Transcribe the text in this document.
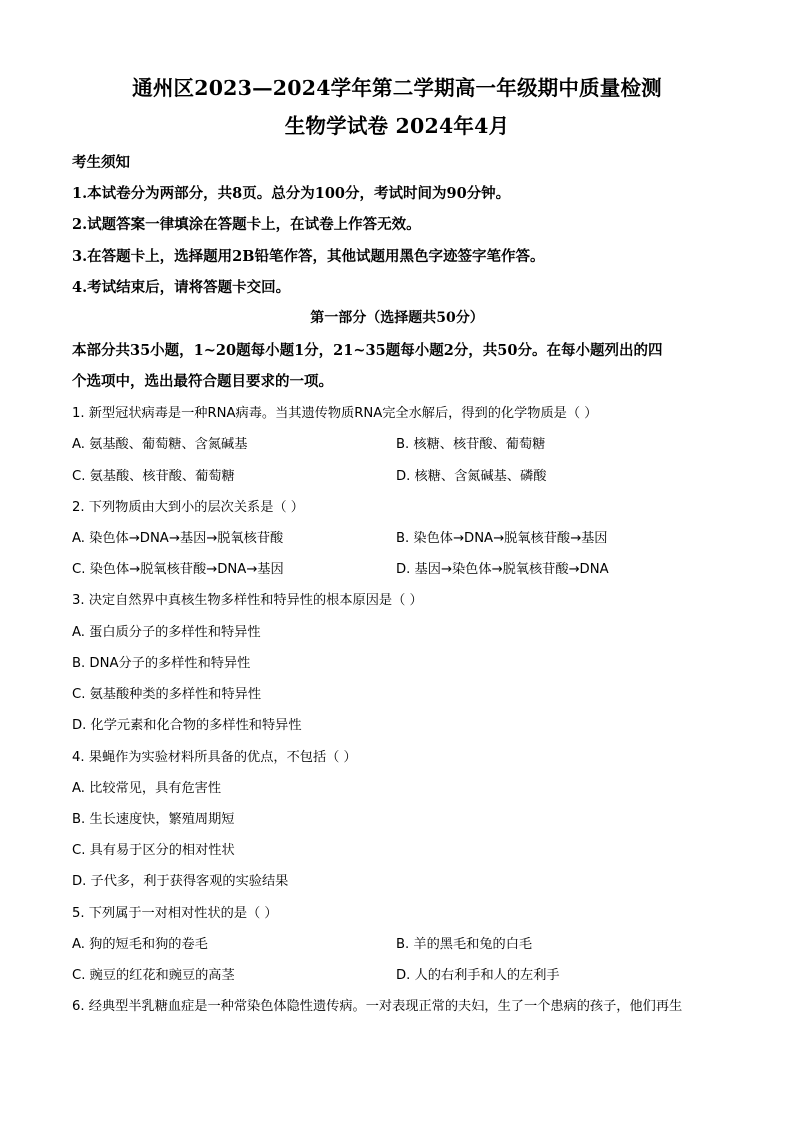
通州区2023—2024学年第二学期高一年级期中质量检测
生物学试卷 2024年4月
考生须知
1.本试卷分为两部分，共8页。总分为100分，考试时间为90分钟。
2.试题答案一律填涂在答题卡上，在试卷上作答无效。
3.在答题卡上，选择题用2B铅笔作答，其他试题用黑色字迹签字笔作答。
4.考试结束后，请将答题卡交回。
第一部分（选择题共50分）
本部分共35小题，1~20题每小题1分，21~35题每小题2分，共50分。在每小题列出的四
个选项中，选出最符合题目要求的一项。
1. 新型冠状病毒是一种RNA病毒。当其遗传物质RNA完全水解后，得到的化学物质是（ ）
A. 氨基酸、葡萄糖、含氮碱基	B. 核糖、核苷酸、葡萄糖
C. 氨基酸、核苷酸、葡萄糖	D. 核糖、含氮碱基、磷酸
2. 下列物质由大到小的层次关系是（ ）
A. 染色体→DNA→基因→脱氧核苷酸	B. 染色体→DNA→脱氧核苷酸→基因
C. 染色体→脱氧核苷酸→DNA→基因	D. 基因→染色体→脱氧核苷酸→DNA
3. 决定自然界中真核生物多样性和特异性的根本原因是（ ）
A. 蛋白质分子的多样性和特异性
B. DNA分子的多样性和特异性
C. 氨基酸种类的多样性和特异性
D. 化学元素和化合物的多样性和特异性
4. 果蝇作为实验材料所具备的优点，不包括（ ）
A. 比较常见，具有危害性
B. 生长速度快，繁殖周期短
C. 具有易于区分的相对性状
D. 子代多，利于获得客观的实验结果
5. 下列属于一对相对性状的是（ ）
A. 狗的短毛和狗的卷毛	B. 羊的黑毛和兔的白毛
C. 豌豆的红花和豌豆的高茎	D. 人的右利手和人的左利手
6. 经典型半乳糖血症是一种常染色体隐性遗传病。一对表现正常的夫妇，生了一个患病的孩子，他们再生
